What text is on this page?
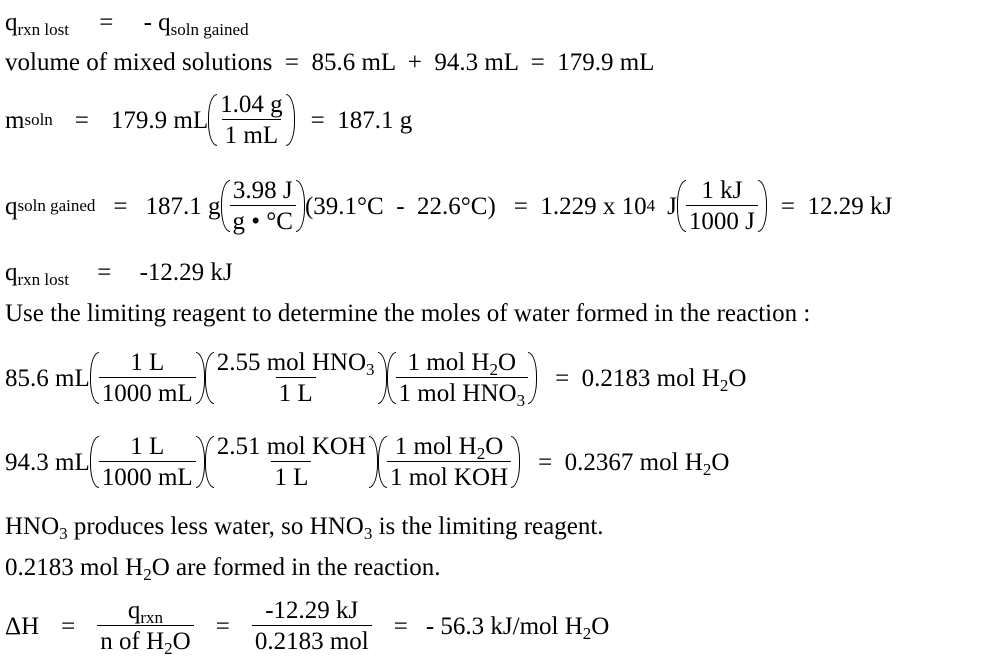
$q_{rxn lost}$ = - $q_{soln gained}$
volume of mixed solutions  =  85.6 mL  +  94.3 mL  =  179.9 mL
m soln = 179.9 mL $\frac{1.04 g}{1 mL} = 187.1$ g
q soln gained = 187.1 g $\frac{3.98 J}{g • ^\circ C} (39.1^\circ C - 22.6^\circ C) = 1.229$ x 10 4 J $\frac{1 kJ}{1000 J} = 12.29$ kJ
$q_{rxn lost} = -12.29$ kJ
Use the limiting reagent to determine the moles of water formed in the reaction :
85.6 mL $\frac{1 L}{1000 mL} \frac{2.55 mol HNO_3}{1 L} \frac{1 mol H_2O}{1 mol HNO_3} = 0.2183$ mol $H_2O$
94.3 mL $\frac{1 L}{1000 mL} \frac{\text{2.51 mol KOH}}{1 L} \frac{1 mol H_2O}{\text{1 mol KOH}} = 0.2367$ mol $H_2O$
$HNO_3$ produces less water, so $HNO_3$ is the limiting reagent.
0.2183 mol $H_2O$ are formed in the reaction.
$\Delta H = \frac{q_{rxn}}{n of H_2O} = \frac{-12.29 kJ}{\text{0.2183 mol}}$ = - 56.3 kJ/mol $H_2O$
